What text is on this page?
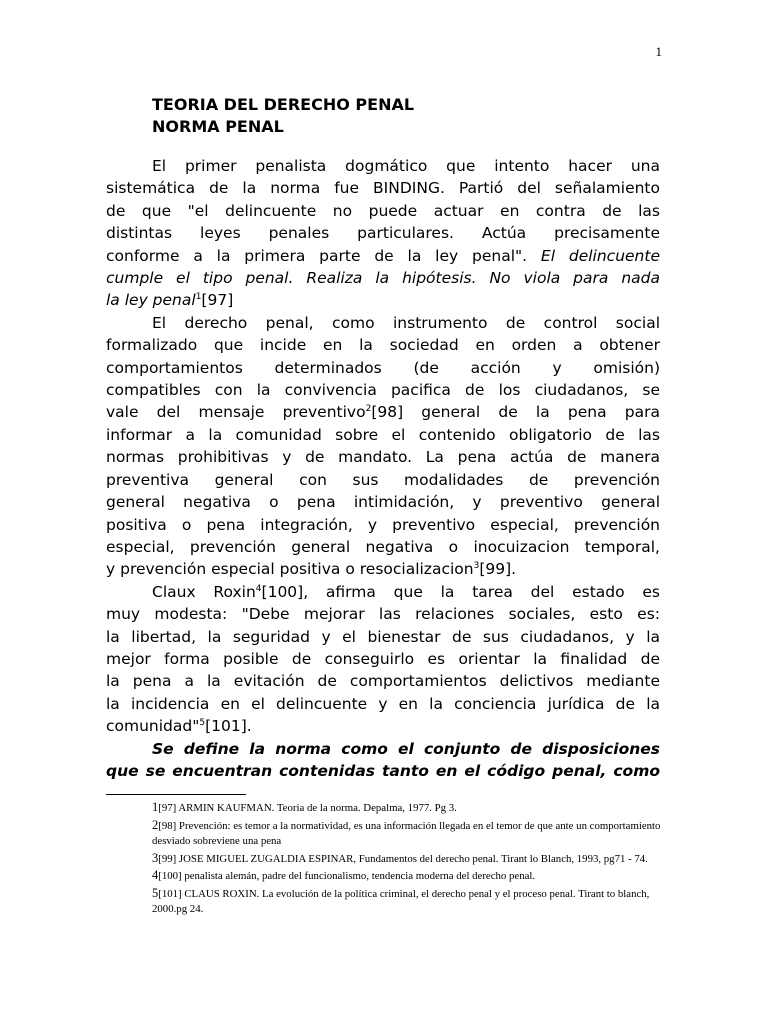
1
TEORIA DEL DERECHO PENAL
NORMA PENAL
El primer penalista dogmático que intento hacer una
sistemática de la norma fue BINDING. Partió del señalamiento
de que "el delincuente no puede actuar en contra de las
distintas leyes penales particulares. Actúa precisamente
conforme a la primera parte de la ley penal". El delincuente
cumple el tipo penal. Realiza la hipótesis. No viola para nada
la ley penal$^1$[97]
El derecho penal, como instrumento de control social
formalizado que incide en la sociedad en orden a obtener
comportamientos determinados (de acción y omisión)
compatibles con la convivencia pacifica de los ciudadanos, se
vale del mensaje preventivo$^2$[98] general de la pena para
informar a la comunidad sobre el contenido obligatorio de las
normas prohibitivas y de mandato. La pena actúa de manera
preventiva general con sus modalidades de prevención
general negativa o pena intimidación, y preventivo general
positiva o pena integración, y preventivo especial, prevención
especial, prevención general negativa o inocuizacion temporal,
y prevención especial positiva o resocializacion$^3$[99].
Claux Roxin$^4$[100], afirma que la tarea del estado es
muy modesta: "Debe mejorar las relaciones sociales, esto es:
la libertad, la seguridad y el bienestar de sus ciudadanos, y la
mejor forma posible de conseguirlo es orientar la finalidad de
la pena a la evitación de comportamientos delictivos mediante
la incidencia en el delincuente y en la conciencia jurídica de la
comunidad"$^5$[101].
Se define la norma como el conjunto de disposiciones
que se encuentran contenidas tanto en el código penal, como
1[97] ARMIN KAUFMAN. Teoria de la norma. Depalma, 1977. Pg 3.
2[98] Prevención: es temor a la normatividad, es una información llegada en el temor de que ante un comportamiento desviado sobreviene una pena
3[99] JOSE MIGUEL ZUGALDIA ESPINAR, Fundamentos del derecho penal. Tirant lo Blanch, 1993, pg71 - 74.
4[100] penalista alemán, padre del funcionalismo, tendencia moderna del derecho penal.
5[101] CLAUS ROXIN. La evolución de la política criminal, el derecho penal y el proceso penal. Tirant to blanch, 2000.pg 24.
